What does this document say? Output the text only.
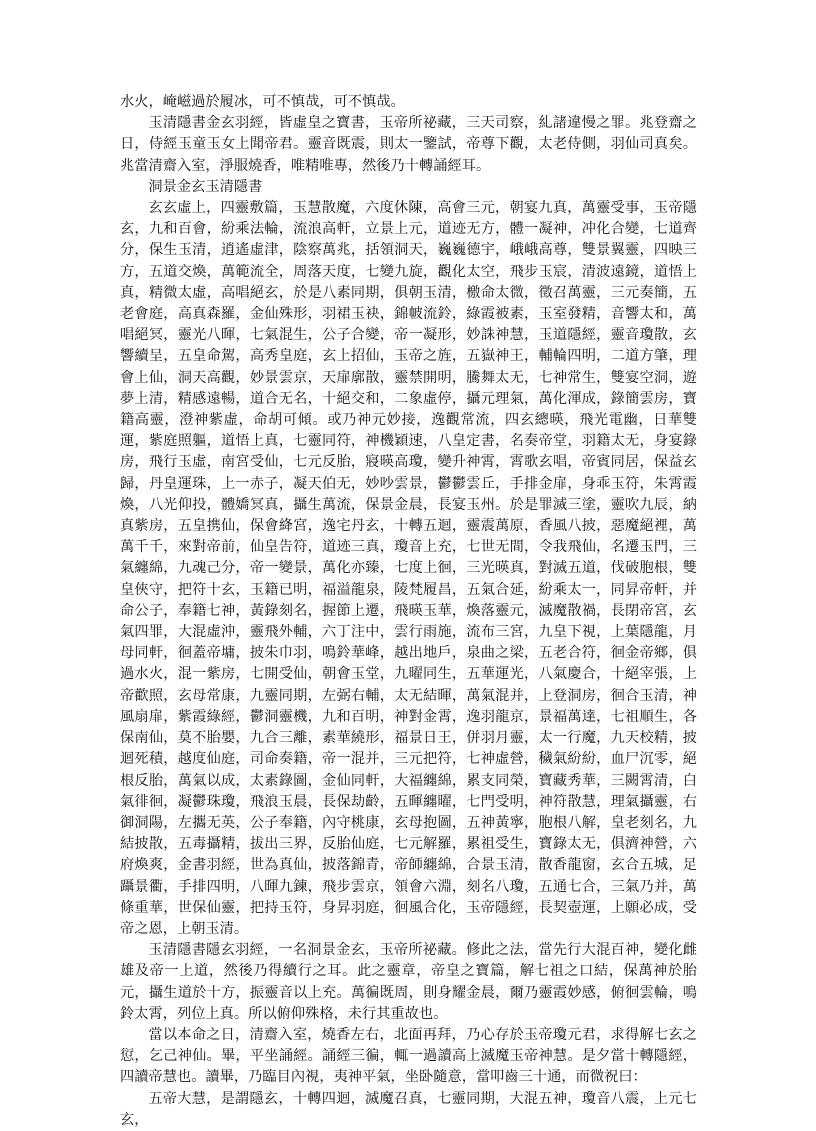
水火，崦嵫過於履冰，可不慎哉，可不慎哉。

玉清隱書金玄羽經，皆虛皇之寶書，玉帝所祕藏，三天司察，糺諸違慢之罪。兆登齋之日，侍經玉童玉女上聞帝君。靈音既震，則太一鑒試，帝尊下觀，太老侍側，羽仙司真矣。兆當清齋入室，淨服燒香，唯精唯專，然後乃十轉誦經耳。

洞景金玄玉清隱書

玄玄虛上，四靈敷篇，玉慧散魔，六度休陳，高會三元，朝宴九真，萬靈受事，玉帝隱玄，九和百會，紛乘法輪，流浪高軒，立景上元，道迹无方，體一凝神，冲化合變，七道齊分，保生玉清，逍遙虛津，陰察萬兆，括領洞天，巍巍德宇，峨峨高尊，雙景翼靈，四映三方，五道交煥，萬範流全，周落天度，七變九旋，觀化太空，飛步玉宸，清波遠鏡，道悟上真，精微太虛，高唱絕玄，於是八素同期，俱朝玉清，檄命太微，徵召萬靈，三元奏簡，五老會庭，高真森羅，金仙殊形，羽裙玉袂，錦帔流鈴，綠霞被素，玉室發精，音響太和，萬唱絕冥，靈光八暉，七氣混生，公子合變，帝一凝形，妙誅神慧，玉道隱經，靈音瓊散，玄響續呈，五皇命駕，高秀皇庭，玄上招仙，玉帝之旌，五嶽神王，輔輪四明，二道方肇，理會上仙，洞天高觀，妙景雲京，天扉廓散，靈禁開明，騰舞太无，七神常生，雙宴空洞，遊夢上清，精感遠暢，道合无名，十絕交和，二象虛停，攝元理氣，萬化渾成，錄簡雲房，寶籍高靈，澄神紫虛，命胡可傾。或乃神元妙接，逸觀常流，四玄總暎，飛光電幽，日華雙運，紫庭照軀，道悟上真，七靈同符，神機穎速，八皇定書，名奏帝堂，羽籍太无，身宴錄房，飛行玉虛，南宮受仙，七元反胎，寢暎高瓊，變升神霄，霄歌玄唱，帝賓同居，保益玄歸，丹皇運珠，上一赤子，凝天伯无，妙吵雲景，鬱鬱雲丘，手排金扉，身乖玉符，朱霄霞煥，八光仰投，體嬌冥真，攝生萬流，保景金晨，長宴玉州。於是罪滅三塗，靈吹九辰，納真紫房，五皇携仙，保會絳宮，逸宅丹玄，十轉五迴，靈震萬原，香風八披，惡魔絕裡，萬萬千千，來對帝前，仙皇告符，道迹三真，瓊音上充，七世无間，令我飛仙，名遷玉門，三氣纏綿，九魂己分，帝一變景，萬化亦臻，七度上徊，三光暎真，對滅五道，伐破胞根，雙皇俠守，把符十玄，玉籍已明，福溢龍泉，陵梵履昌，五氣合延，紛乘太一，同昇帝軒，并命公子，奉籍七神，黃錄刻名，握節上遷，飛暎玉華，煥落靈元，滅魔散禍，長閉帝宮，玄氣四罪，大混虛沖，靈飛外輔，六丁注中，雲行雨施，流布三宮，九皇下視，上葉隱龍，月母同軒，徊蓋帝墉，披朱巾羽，鳴鈴華峰，越出地戶，泉曲之梁，五老合符，徊金帝鄉，俱過水火，混一紫房，七開受仙，朝會玉堂，九曜同生，五華運光，八氣慶合，十絕宰張，上帝歡照，玄母常康，九靈同期，左弼右輔，太无結暉，萬氣混并，上登洞房，徊合玉清，神風扇扉，紫霞綠經，鬱洞靈機，九和百明，神對金霄，逸羽龍京，景福萬達，七祖順生，各保南仙，莫不胎嬰，九合三離，素華繞形，福景日王，併羽月靈，太一行魔，九天校精，披迴死積，越度仙庭，司命奏籍，帝一混并，三元把符，七神虛營，穢氣紛紛，血尸沉零，絕根反胎，萬氣以成，太素錄圖，金仙同軒，大福纏綿，累支同榮，寶藏秀華，三闕霄清，白氣徘徊，凝鬱珠瓊，飛浪玉晨，長保劫齡，五暉纏曜，七門受明，神符散慧，理氣攝靈，右御洞陽，左攜无英，公子奉籍，內守桃康，玄母抱圖，五神黃寧，胞根八解，皇老刻名，九結披散，五毒攝精，拔出三界，反胎仙庭，七元解羅，累祖受生，寶錄太无，俱濟神營，六府煥爽，金書羽經，世為真仙，披落錦青，帝師纏綿，合景玉清，散香龍窗，玄合五城，足躡景衢，手排四明，八暉九鍊，飛步雲京，領會六淵，刻名八瓊，五通七合，三氣乃并，萬條重華，世保仙靈，把持玉符，身昇羽庭，徊風合化，玉帝隱經，長契壺運，上願必成，受帝之恩，上朝玉清。

玉清隱書隱玄羽經，一名洞景金玄，玉帝所祕藏。修此之法，當先行大混百神，變化雌雄及帝一上道，然後乃得續行之耳。此之靈章，帝皇之寶篇，解七祖之口結，保萬神於胎元，攝生道於十方，振靈音以上充。萬徧既周，則身耀金晨，爾乃靈霞妙感，俯徊雲輪，鳴鈴太霄，列位上真。所以俯仰殊格，未行其重故也。

當以本命之日，清齋入室，燒香左右，北面再拜，乃心存於玉帝瓊元君，求得解七玄之愆，乞己神仙。畢，平坐誦經。誦經三徧，輒一過讀高上滅魔玉帝神慧。是夕當十轉隱經，四讀帝慧也。讀畢，乃臨目內視，夷神平氣，坐卧隨意，當叩齒三十通，而微祝曰：

五帝大慧，是謂隱玄，十轉四迴，滅魔召真，七靈同期，大混五神，瓊音八震，上元七玄，
